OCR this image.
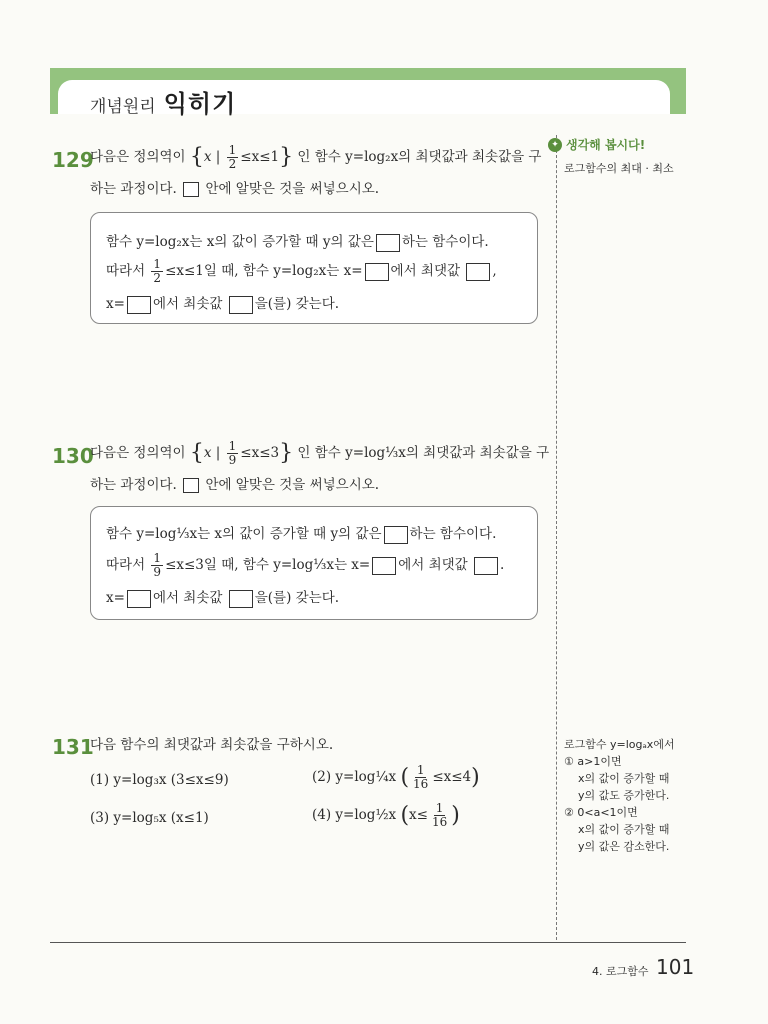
개념원리 익히기
✦ 생각해 봅시다!
로그함수의 최대 · 최소
로그함수 y=logₐx에서
① a>1이면
x의 값이 증가할 때
y의 값도 증가한다.
② 0<a<1이면
x의 값이 증가할 때
y의 값은 감소한다.
129
다음은 정의역이 {x | $\frac{1}{2} \le x\le 1$} 인 함수 y=log₂x의 최댓값과 최솟값을 구
하는 과정이다. 안에 알맞은 것을 써넣으시오.
함수 y=log₂x는 x의 값이 증가할 때 y의 값은 하는 함수이다.
따라서 $\frac{1}{2} \le x\le 1$일 때, 함수 y=log₂x는 x= 에서 최댓값 ,
x= 에서 최솟값 을(를) 갖는다.
130
다음은 정의역이 {x | $\frac{1}{9} \le x\le 3$} 인 함수 y=log⅓x의 최댓값과 최솟값을 구
하는 과정이다. 안에 알맞은 것을 써넣으시오.
함수 y=log⅓x는 x의 값이 증가할 때 y의 값은 하는 함수이다.
따라서 $\frac{1}{9} \le x\le 3$일 때, 함수 y=log⅓x는 x= 에서 최댓값 .
x= 에서 최솟값 을(를) 갖는다.
131
다음 함수의 최댓값과 최솟값을 구하시오.
(1) y=log₃x (3≤x≤9)	(2) y=log¼x ( $\frac{1}{16} \le x\le 4$)
(3) y=log₅x (x≤1)	(4) y=log½x ($x\le \frac{1}{16}$ )
4. 로그함수 101
